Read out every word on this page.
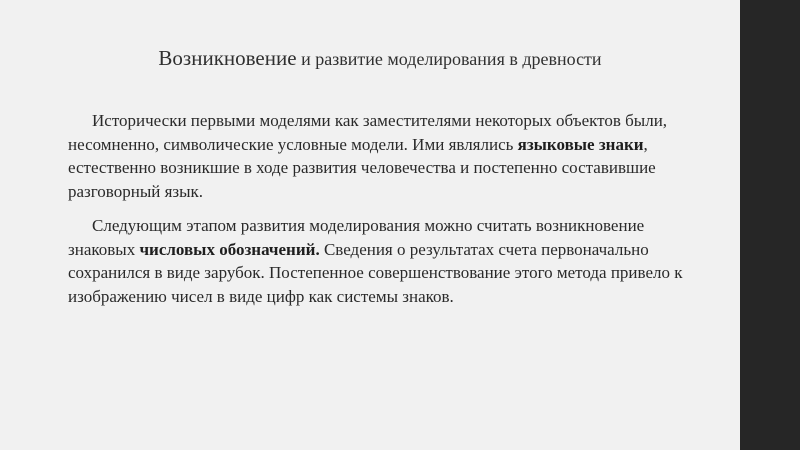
Возникновение и развитие моделирования в древности

Исторически первыми моделями как заместителями некоторых объектов были, несомненно, символические условные модели. Ими являлись языковые знаки, естественно возникшие в ходе развития человечества и постепенно составившие разговорный язык.

Следующим этапом развития моделирования можно считать возникновение знаковых числовых обозначений. Сведения о результатах счета первоначально сохранился в виде зарубок. Постепенное совершенствование этого метода привело к изображению чисел в виде цифр как системы знаков.
